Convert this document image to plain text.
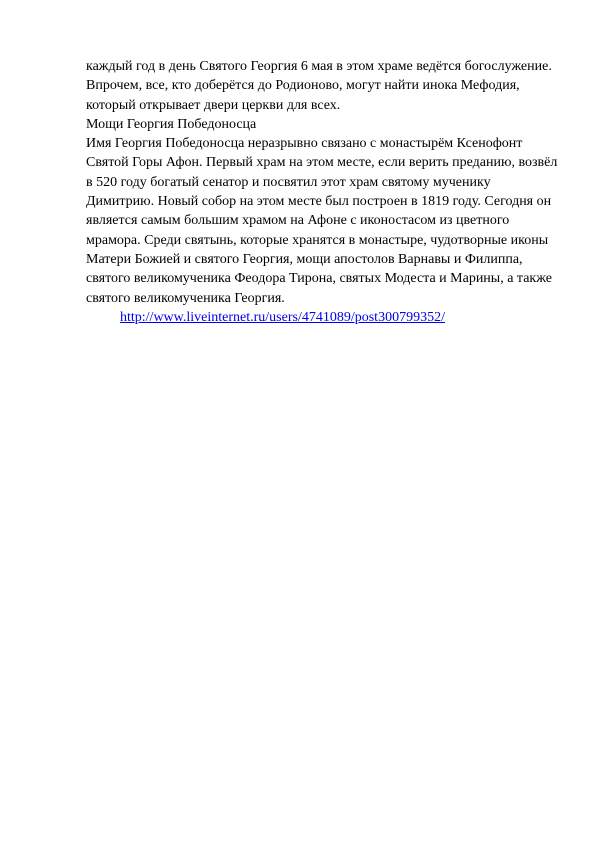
каждый год в день Святого Георгия 6 мая в этом храме ведётся богослужение.
Впрочем, все, кто доберётся до Родионово, могут найти инока Мефодия,
который открывает двери церкви для всех.
Мощи Георгия Победоносца
Имя Георгия Победоносца неразрывно связано с монастырём Ксенофонт
Святой Горы Афон. Первый храм на этом месте, если верить преданию, возвёл
в 520 году богатый сенатор и посвятил этот храм святому мученику
Димитрию. Новый собор на этом месте был построен в 1819 году. Сегодня он
является самым большим храмом на Афоне с иконостасом из цветного
мрамора. Среди святынь, которые хранятся в монастыре, чудотворные иконы
Матери Божией и святого Георгия, мощи апостолов Варнавы и Филиппа,
святого великомученика Феодора Тирона, святых Модеста и Марины, а также
святого великомученика Георгия.
http://www.liveinternet.ru/users/4741089/post300799352/
